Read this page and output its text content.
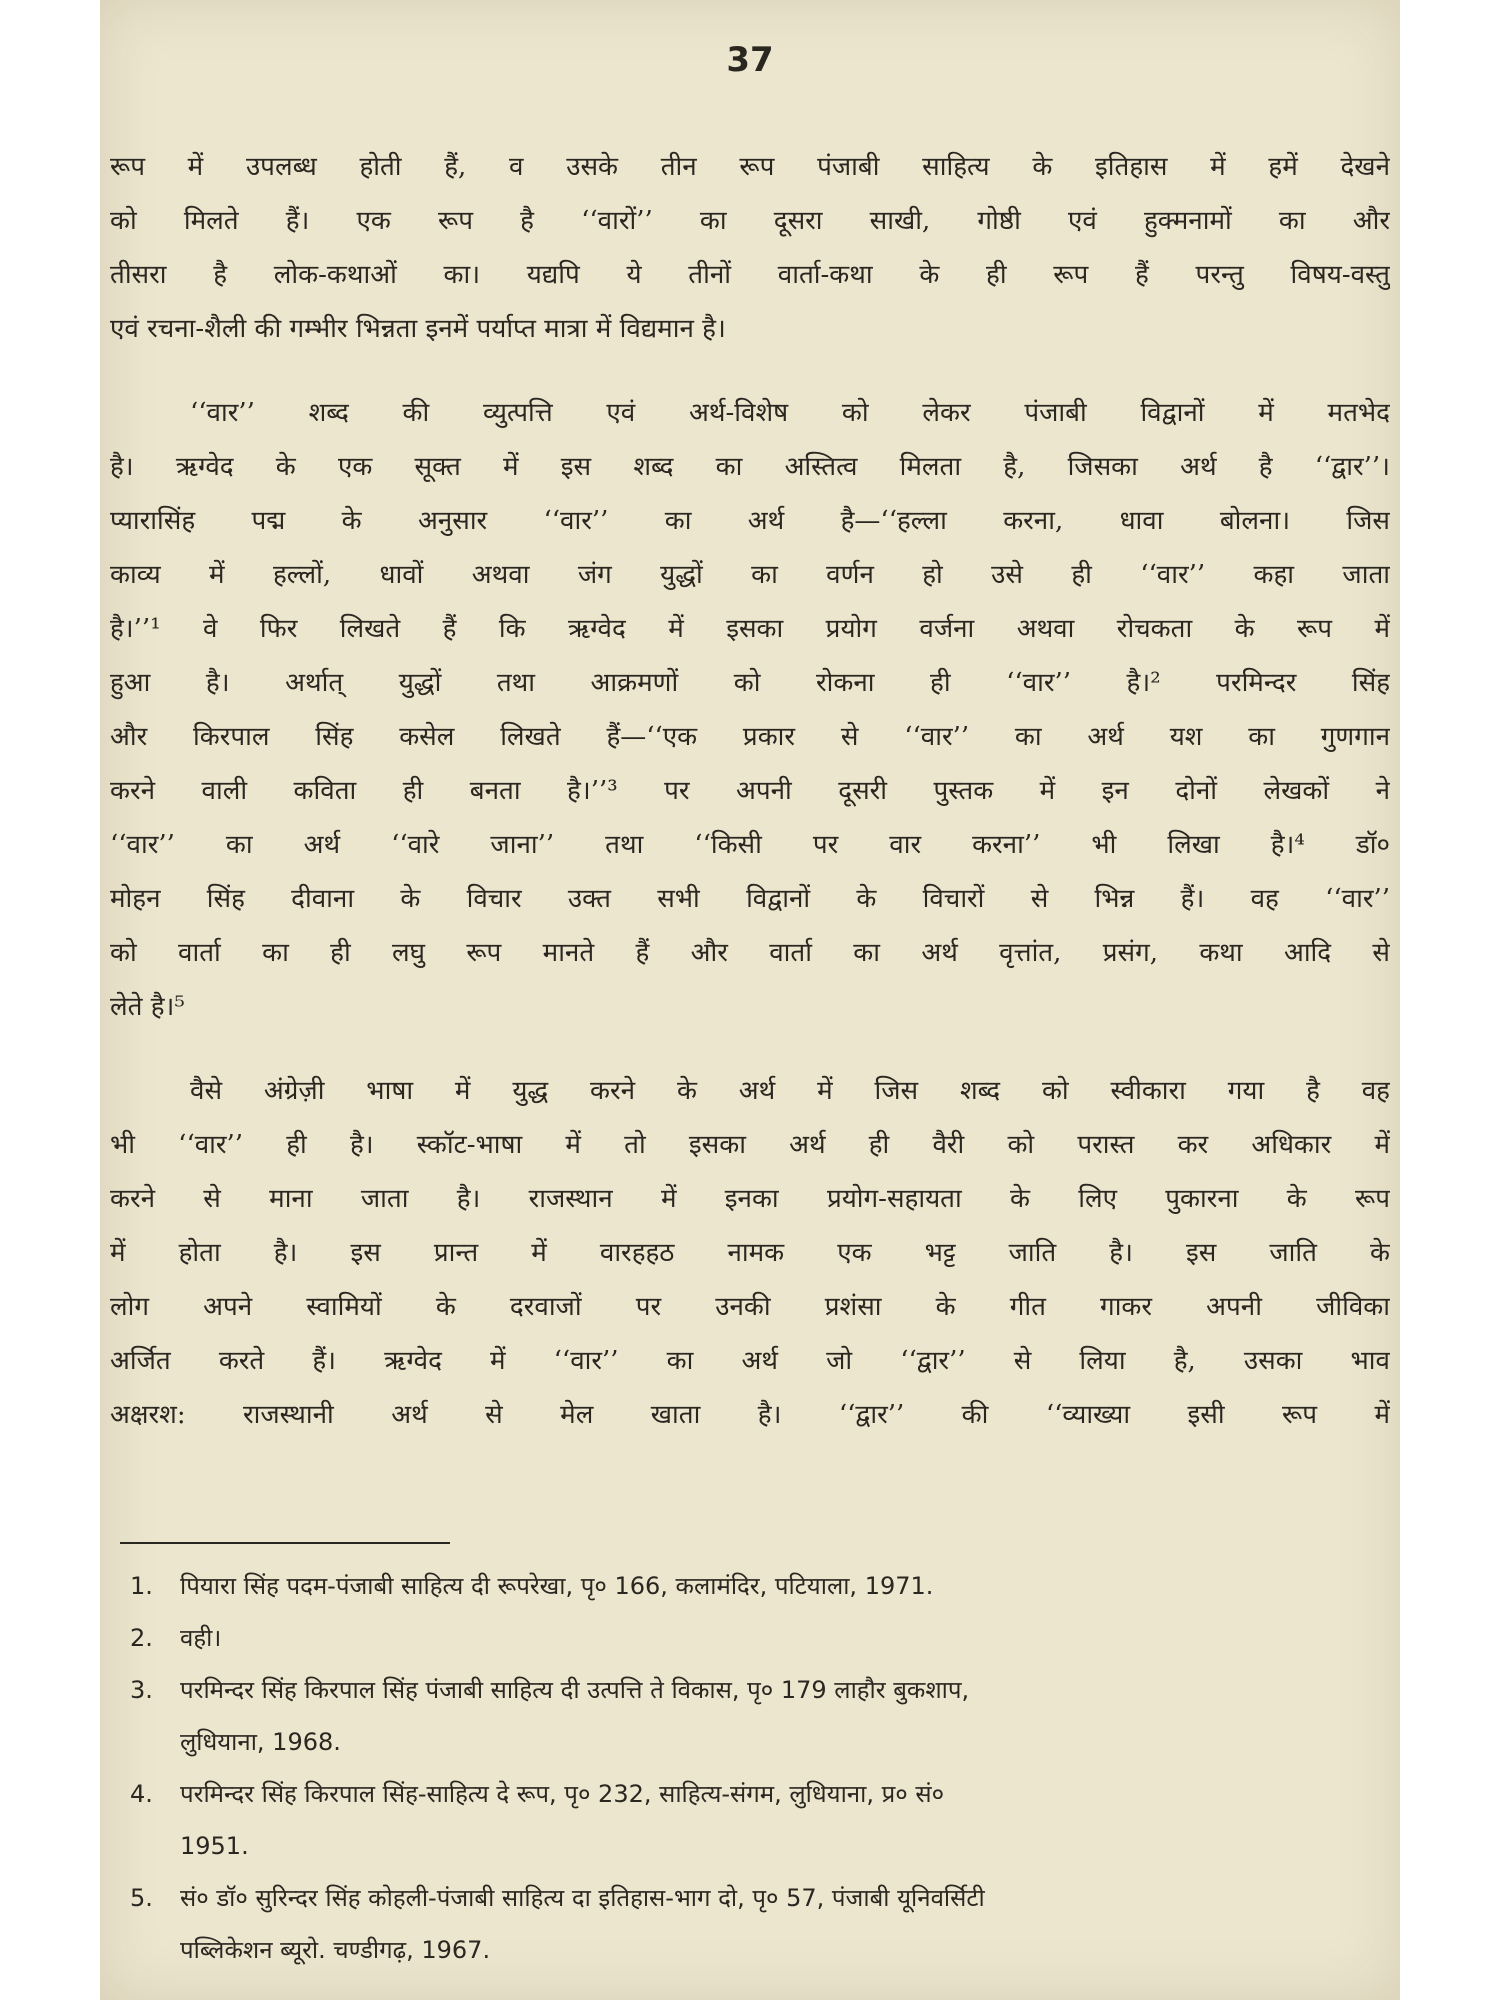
37
रूप में उपलब्ध होती हैं, व उसके तीन रूप पंजाबी साहित्य के इतिहास में हमें देखने
को मिलते हैं। एक रूप है ‘‘वारों’’ का दूसरा साखी, गोष्ठी एवं हुक्मनामों का और
तीसरा है लोक-कथाओं का। यद्यपि ये तीनों वार्ता-कथा के ही रूप हैं परन्तु विषय-वस्तु
एवं रचना-शैली की गम्भीर भिन्नता इनमें पर्याप्त मात्रा में विद्यमान है।
‘‘वार’’ शब्द की व्युत्पत्ति एवं अर्थ-विशेष को लेकर पंजाबी विद्वानों में मतभेद
है। ऋग्वेद के एक सूक्त में इस शब्द का अस्तित्व मिलता है, जिसका अर्थ है ‘‘द्वार’’।
प्यारासिंह पद्म के अनुसार ‘‘वार’’ का अर्थ है—‘‘हल्ला करना, धावा बोलना। जिस
काव्य में हल्लों, धावों अथवा जंग युद्धों का वर्णन हो उसे ही ‘‘वार’’ कहा जाता
है।’’¹ वे फिर लिखते हैं कि ऋग्वेद में इसका प्रयोग वर्जना अथवा रोचकता के रूप में
हुआ है। अर्थात् युद्धों तथा आक्रमणों को रोकना ही ‘‘वार’’ है।² परमिन्दर सिंह
और किरपाल सिंह कसेल लिखते हैं—‘‘एक प्रकार से ‘‘वार’’ का अर्थ यश का गुणगान
करने वाली कविता ही बनता है।’’³ पर अपनी दूसरी पुस्तक में इन दोनों लेखकों ने
‘‘वार’’ का अर्थ ‘‘वारे जाना’’ तथा ‘‘किसी पर वार करना’’ भी लिखा है।⁴ डॉ०
मोहन सिंह दीवाना के विचार उक्त सभी विद्वानों के विचारों से भिन्न हैं। वह ‘‘वार’’
को वार्ता का ही लघु रूप मानते हैं और वार्ता का अर्थ वृत्तांत, प्रसंग, कथा आदि से
लेते है।⁵
वैसे अंग्रेज़ी भाषा में युद्ध करने के अर्थ में जिस शब्द को स्वीकारा गया है वह
भी ‘‘वार’’ ही है। स्कॉट-भाषा में तो इसका अर्थ ही वैरी को परास्त कर अधिकार में
करने से माना जाता है। राजस्थान में इनका प्रयोग-सहायता के लिए पुकारना के रूप
में होता है। इस प्रान्त में वारहहठ नामक एक भट्ट जाति है। इस जाति के
लोग अपने स्वामियों के दरवाजों पर उनकी प्रशंसा के गीत गाकर अपनी जीविका
अर्जित करते हैं। ऋग्वेद में ‘‘वार’’ का अर्थ जो ‘‘द्वार’’ से लिया है, उसका भाव
अक्षरश: राजस्थानी अर्थ से मेल खाता है। ‘‘द्वार’’ की ‘‘व्याख्या इसी रूप में
1.	पियारा सिंह पदम-पंजाबी साहित्य दी रूपरेखा, पृ० 166, कलामंदिर, पटियाला, 1971.
2.	वही।
3.	परमिन्दर सिंह किरपाल सिंह पंजाबी साहित्य दी उत्पत्ति ते विकास, पृ० 179 लाहौर बुकशाप,
लुधियाना, 1968.
4.	परमिन्दर सिंह किरपाल सिंह-साहित्य दे रूप, पृ० 232, साहित्य-संगम, लुधियाना, प्र० सं०
1951.
5.	सं० डॉ० सुरिन्दर सिंह कोहली-पंजाबी साहित्य दा इतिहास-भाग दो, पृ० 57, पंजाबी यूनिवर्सिटी
पब्लिकेशन ब्यूरो. चण्डीगढ़, 1967.
